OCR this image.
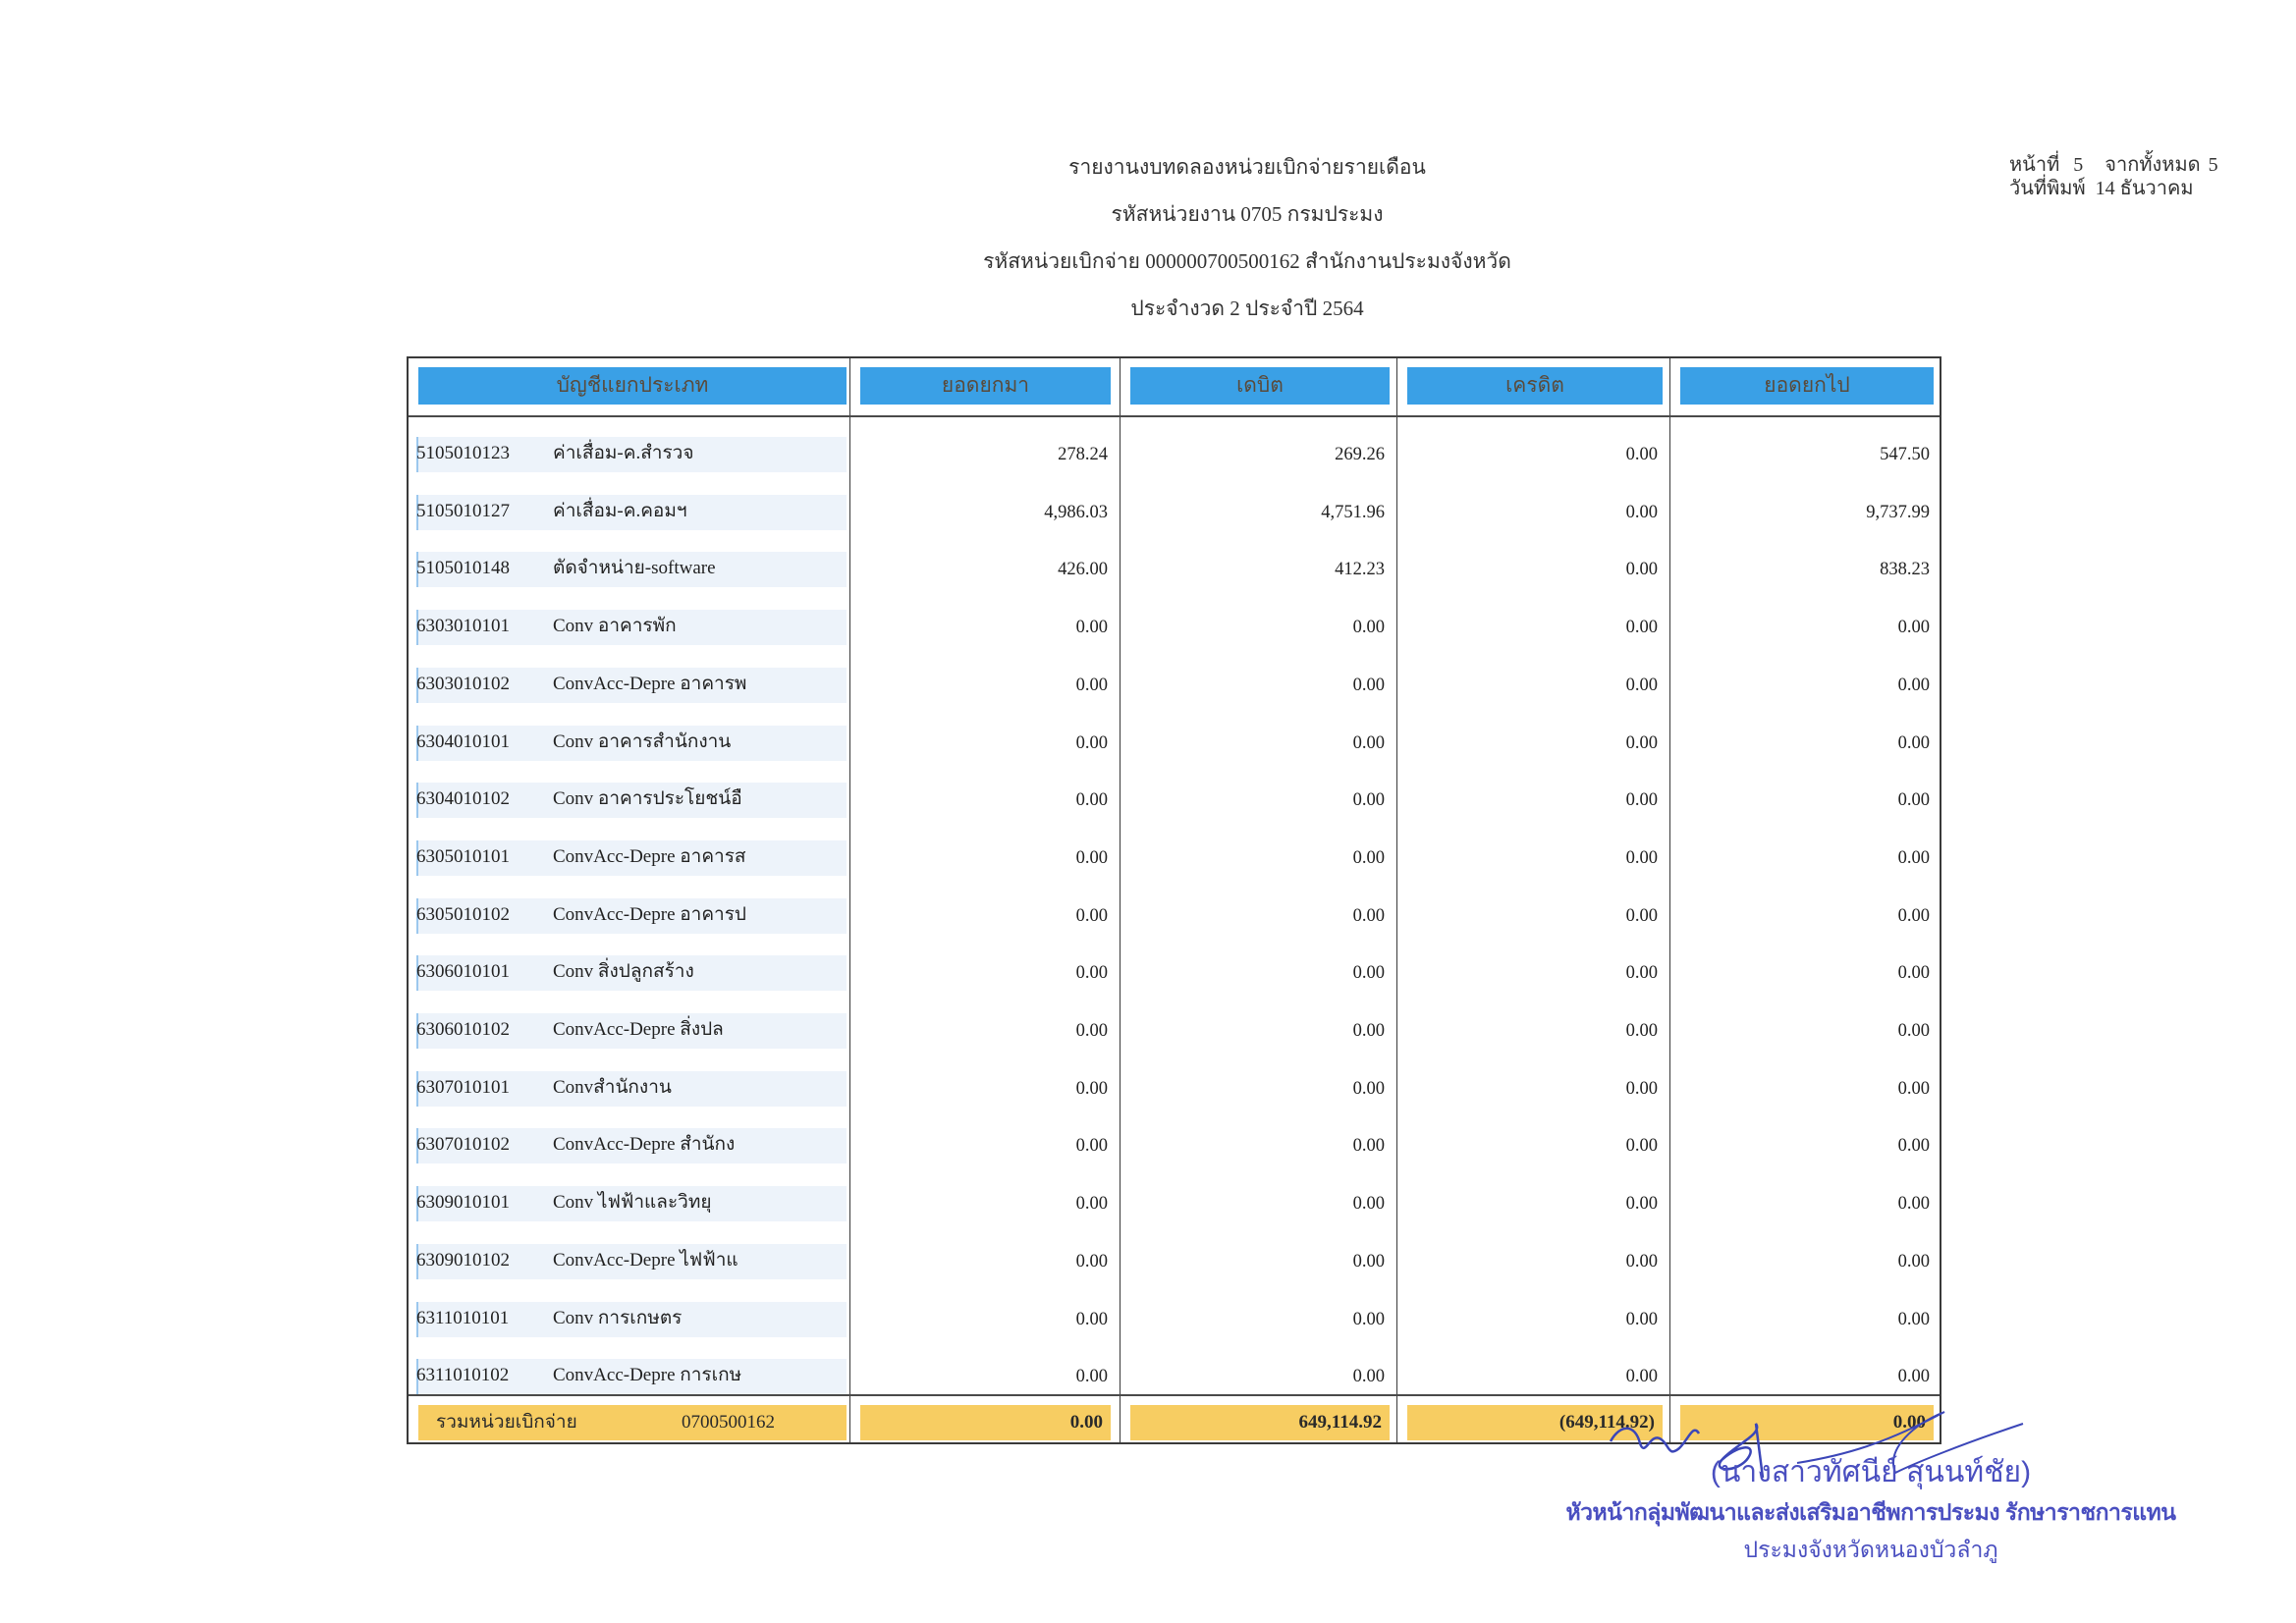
รายงานงบทดลองหน่วยเบิกจ่ายรายเดือน
รหัสหน่วยงาน 0705 กรมประมง
รหัสหน่วยเบิกจ่าย 000000700500162 สำนักงานประมงจังหวัด
ประจำงวด 2 ประจำปี 2564
หน้าที่ 5 จากทั้งหมด 5
วันที่พิมพ์ 14 ธันวาคม
บัญชีแยกประเภท	ยอดยกมา	เดบิต	เครดิต	ยอดยกไป
5105010123 ค่าเสื่อม-ค.สำรวจ	278.24	269.26	0.00	547.50
5105010127 ค่าเสื่อม-ค.คอมฯ	4,986.03	4,751.96	0.00	9,737.99
5105010148 ตัดจำหน่าย-software	426.00	412.23	0.00	838.23
6303010101 Conv อาคารพัก	0.00	0.00	0.00	0.00
6303010102 ConvAcc-Depre อาคารพ	0.00	0.00	0.00	0.00
6304010101 Conv อาคารสำนักงาน	0.00	0.00	0.00	0.00
6304010102 Conv อาคารประโยชน์อื	0.00	0.00	0.00	0.00
6305010101 ConvAcc-Depre อาคารส	0.00	0.00	0.00	0.00
6305010102 ConvAcc-Depre อาคารป	0.00	0.00	0.00	0.00
6306010101 Conv สิ่งปลูกสร้าง	0.00	0.00	0.00	0.00
6306010102 ConvAcc-Depre สิ่งปล	0.00	0.00	0.00	0.00
6307010101 Convสำนักงาน	0.00	0.00	0.00	0.00
6307010102 ConvAcc-Depre สำนักง	0.00	0.00	0.00	0.00
6309010101 Conv ไฟฟ้าและวิทยุ	0.00	0.00	0.00	0.00
6309010102 ConvAcc-Depre ไฟฟ้าแ	0.00	0.00	0.00	0.00
6311010101 Conv การเกษตร	0.00	0.00	0.00	0.00
6311010102 ConvAcc-Depre การเกษ	0.00	0.00	0.00	0.00
รวมหน่วยเบิกจ่าย	0700500162	0.00	649,114.92	(649,114.92)	0.00
(นางสาวทัศนีย์ สุนนท์ชัย)
หัวหน้ากลุ่มพัฒนาและส่งเสริมอาชีพการประมง รักษาราชการแทน
ประมงจังหวัดหนองบัวลำภู
